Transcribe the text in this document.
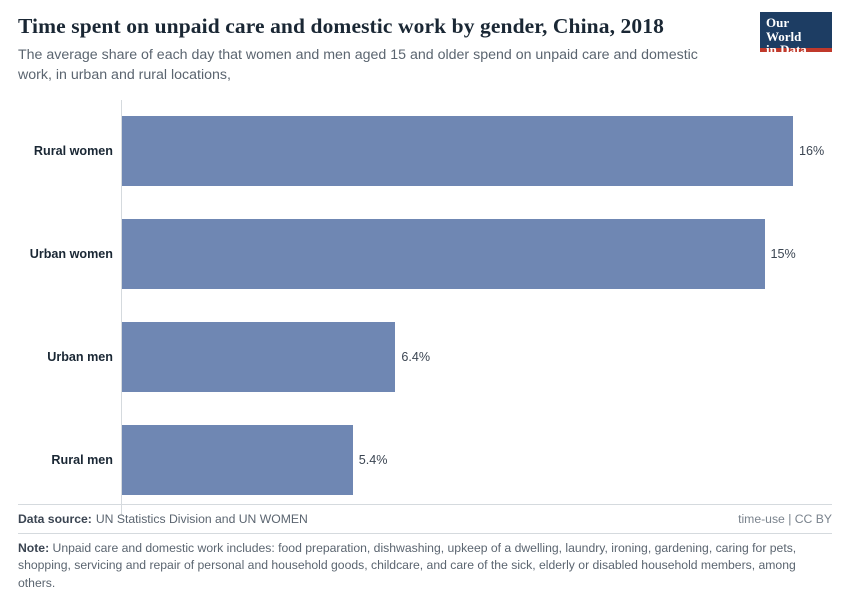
Time spent on unpaid care and domestic work by gender, China, 2018

The average share of each day that women and men aged 15 and older spend on unpaid care and domestic work, in urban and rural locations,

Our World
in Data
Rural women	16%
Urban women	15%
Urban men	6.4%
Rural men	5.4%
Data source: UN Statistics Division and UN WOMEN	time-use | CC BY
Note: Unpaid care and domestic work includes: food preparation, dishwashing, upkeep of a dwelling, laundry, ironing, gardening, caring for pets, shopping, servicing and repair of personal and household goods, childcare, and care of the sick, elderly or disabled household members, among others.
